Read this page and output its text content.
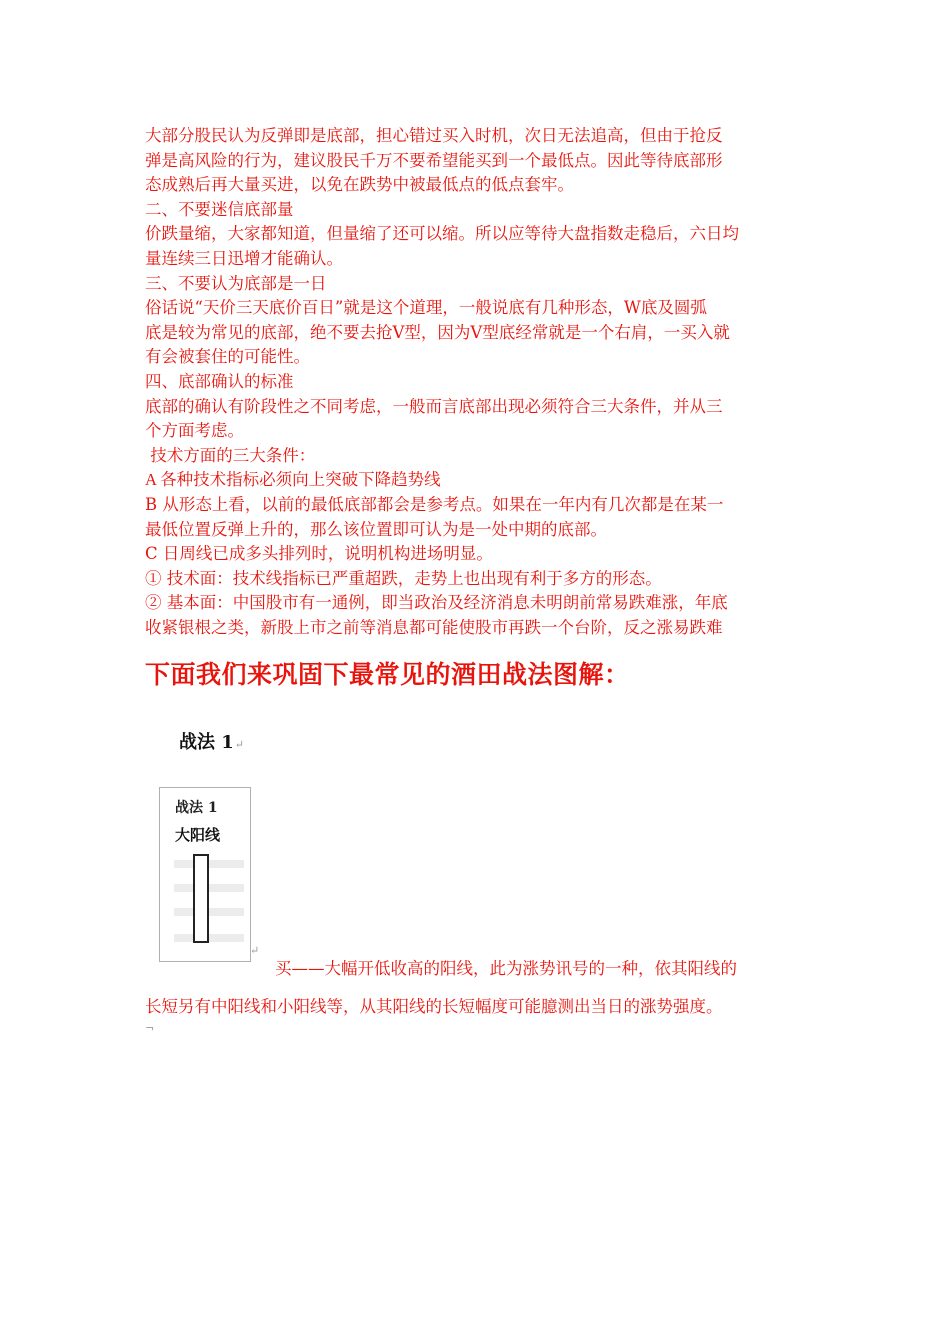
大部分股民认为反弹即是底部，担心错过买入时机，次日无法追高，但由于抢反

弹是高风险的行为，建议股民千万不要希望能买到一个最低点。因此等待底部形

态成熟后再大量买进，以免在跌势中被最低点的低点套牢。

二、不要迷信底部量

价跌量缩，大家都知道，但量缩了还可以缩。所以应等待大盘指数走稳后，六日均

量连续三日迅增才能确认。

三、不要认为底部是一日

俗话说“天价三天底价百日”就是这个道理，一般说底有几种形态，W底及圆弧

底是较为常见的底部，绝不要去抢V型，因为V型底经常就是一个右肩，一买入就

有会被套住的可能性。

四、底部确认的标准

底部的确认有阶段性之不同考虑，一般而言底部出现必须符合三大条件，并从三

个方面考虑。

技术方面的三大条件：

A 各种技术指标必须向上突破下降趋势线

B 从形态上看，以前的最低底部都会是参考点。如果在一年内有几次都是在某一

最低位置反弹上升的，那么该位置即可认为是一处中期的底部。

C 日周线已成多头排列时，说明机构进场明显。

① 技术面：技术线指标已严重超跌，走势上也出现有利于多方的形态。

② 基本面：中国股市有一通例，即当政治及经济消息未明朗前常易跌难涨，年底

收紧银根之类，新股上市之前等消息都可能使股市再跌一个台阶，反之涨易跌难

下面我们来巩固下最常见的酒田战法图解：
战法 1↵
战法 1
大阳线
↵

买——大幅开低收高的阳线，此为涨势讯号的一种，依其阳线的

长短另有中阳线和小阳线等，从其阳线的长短幅度可能臆测出当日的涨势强度。

¬
